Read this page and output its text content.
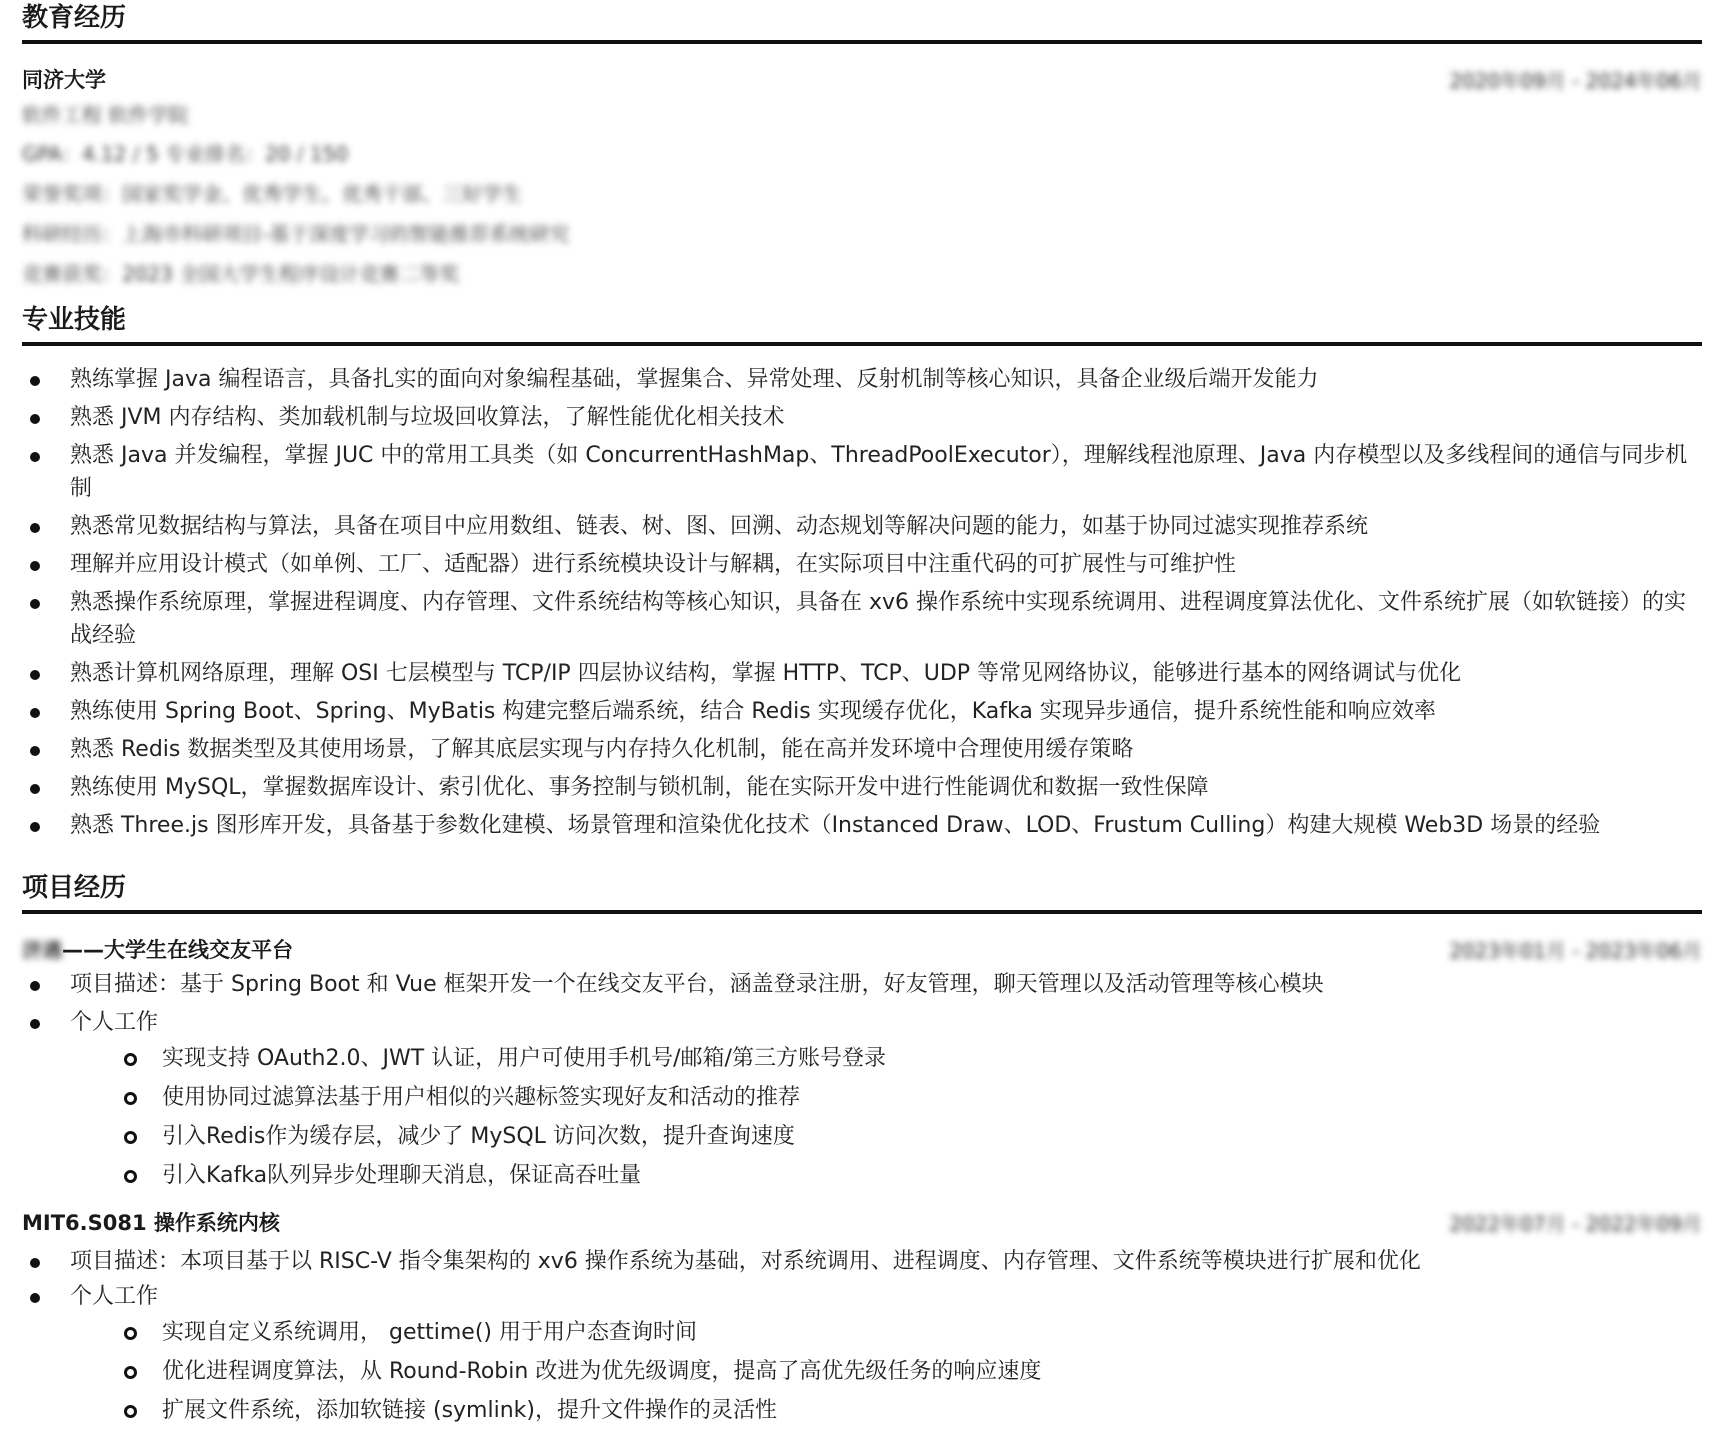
教育经历
同济大学	2020年09月 - 2024年06月
软件工程 软件学院
GPA：4.12 / 5 专业排名：20 / 150
荣誉奖项：国家奖学金、优秀学生、优秀干部、三好学生
科研经历：上海市科研项目-基于深度学习的智能推荐系统研究
竞赛获奖：2023 全国大学生程序设计竞赛二等奖
专业技能
熟练掌握 Java 编程语言，具备扎实的面向对象编程基础，掌握集合、异常处理、反射机制等核心知识，具备企业级后端开发能力
熟悉 JVM 内存结构、类加载机制与垃圾回收算法，了解性能优化相关技术
熟悉 Java 并发编程，掌握 JUC 中的常用工具类（如 ConcurrentHashMap、ThreadPoolExecutor），理解线程池原理、Java 内存模型以及多线程间的通信与同步机制
熟悉常见数据结构与算法，具备在项目中应用数组、链表、树、图、回溯、动态规划等解决问题的能力，如基于协同过滤实现推荐系统
理解并应用设计模式（如单例、工厂、适配器）进行系统模块设计与解耦，在实际项目中注重代码的可扩展性与可维护性
熟悉操作系统原理，掌握进程调度、内存管理、文件系统结构等核心知识，具备在 xv6 操作系统中实现系统调用、进程调度算法优化、文件系统扩展（如软链接）的实战经验
熟悉计算机网络原理，理解 OSI 七层模型与 TCP/IP 四层协议结构，掌握 HTTP、TCP、UDP 等常见网络协议，能够进行基本的网络调试与优化
熟练使用 Spring Boot、Spring、MyBatis 构建完整后端系统，结合 Redis 实现缓存优化，Kafka 实现异步通信，提升系统性能和响应效率
熟悉 Redis 数据类型及其使用场景，了解其底层实现与内存持久化机制，能在高并发环境中合理使用缓存策略
熟练使用 MySQL，掌握数据库设计、索引优化、事务控制与锁机制，能在实际开发中进行性能调优和数据一致性保障
熟悉 Three.js 图形库开发，具备基于参数化建模、场景管理和渲染优化技术（Instanced Draw、LOD、Frustum Culling）构建大规模 Web3D 场景的经验
项目经历
济遇——大学生在线交友平台	2023年01月 - 2023年06月
项目描述：基于 Spring Boot 和 Vue 框架开发一个在线交友平台，涵盖登录注册，好友管理，聊天管理以及活动管理等核心模块
个人工作
实现支持 OAuth2.0、JWT 认证，用户可使用手机号/邮箱/第三方账号登录
使用协同过滤算法基于用户相似的兴趣标签实现好友和活动的推荐
引入Redis作为缓存层，减少了 MySQL 访问次数，提升查询速度
引入Kafka队列异步处理聊天消息，保证高吞吐量
MIT6.S081 操作系统内核	2022年07月 - 2022年09月
项目描述：本项目基于以 RISC-V 指令集架构的 xv6 操作系统为基础，对系统调用、进程调度、内存管理、文件系统等模块进行扩展和优化
个人工作
实现自定义系统调用， gettime() 用于用户态查询时间
优化进程调度算法，从 Round-Robin 改进为优先级调度，提高了高优先级任务的响应速度
扩展文件系统，添加软链接 (symlink)，提升文件操作的灵活性
